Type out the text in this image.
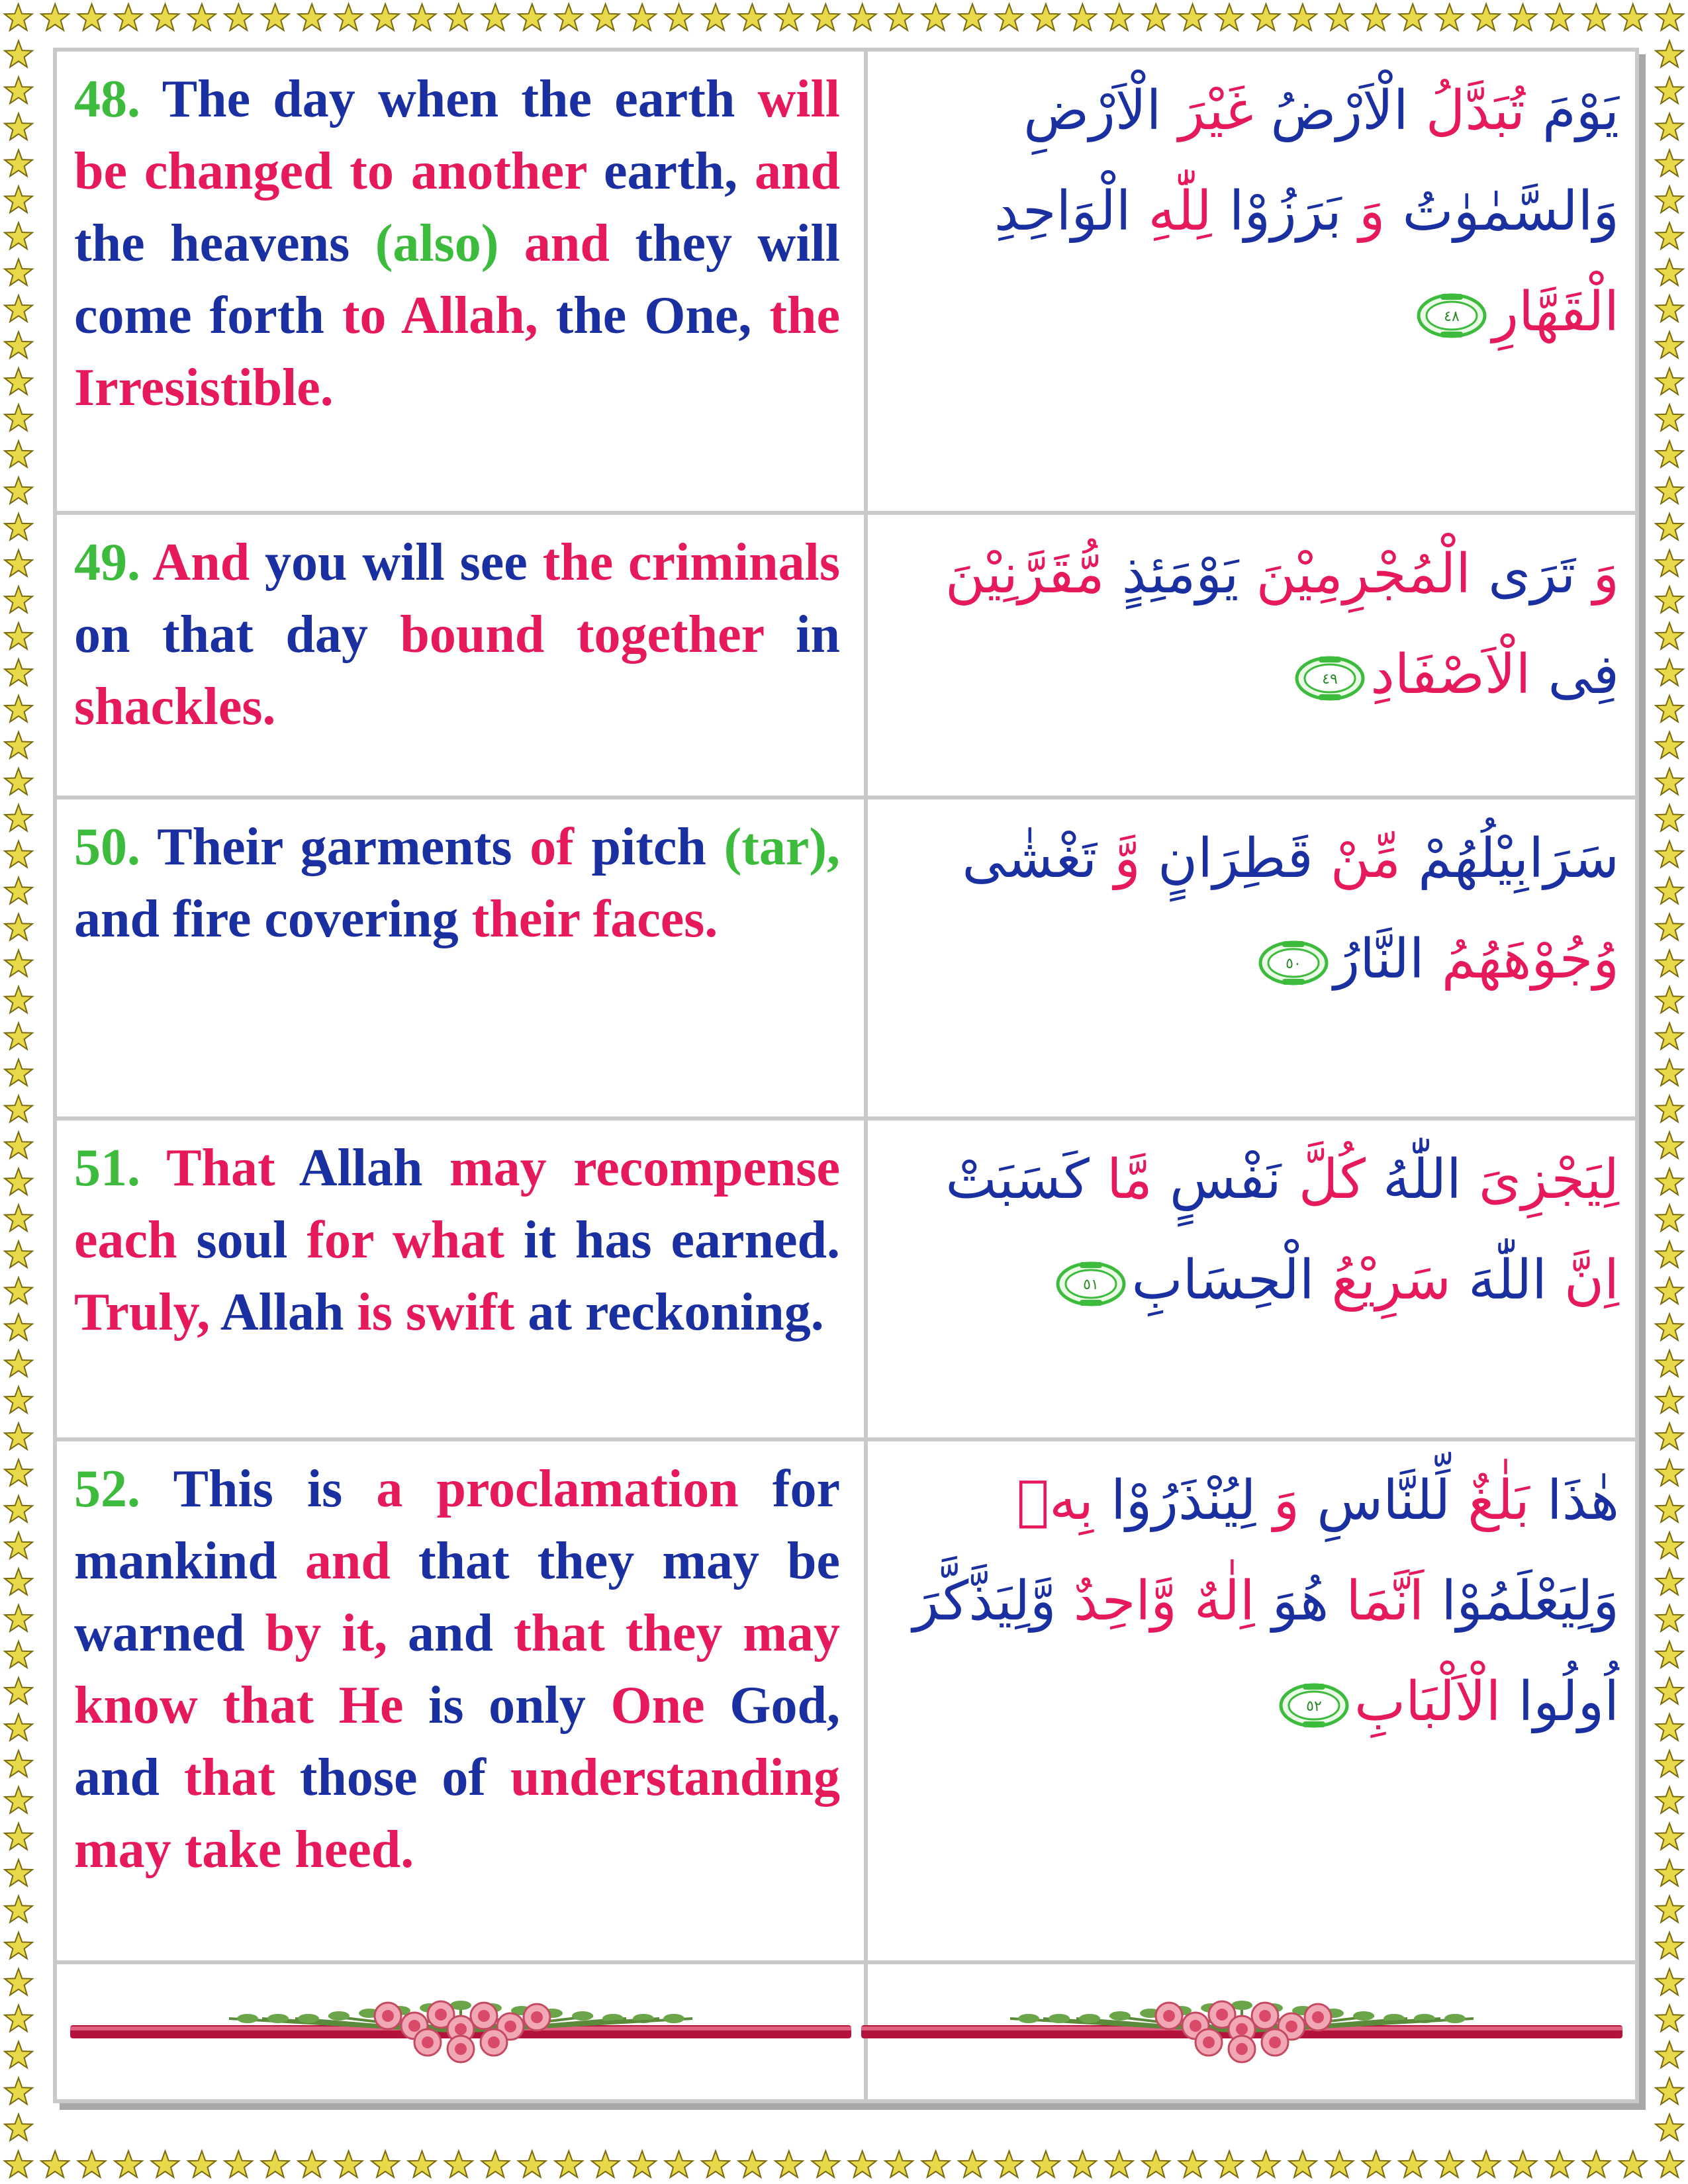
48. The day when the earth will be changed to another earth, and the heavens (also) and they will come forth to Allah, the One, the Irresistible.

يَوْمَ تُبَدَّلُ الْاَرْضُ غَيْرَ الْاَرْضِ وَالسَّمٰوٰتُ وَ بَرَزُوْا لِلّٰهِ الْوَاحِدِ الْقَهَّارِ
٤٨

49. And you will see the criminals on that day bound together in shackles.

وَ تَرَى الْمُجْرِمِيْنَ يَوْمَئِذٍ مُّقَرَّنِيْنَ فِى الْاَصْفَادِ
٤٩

50. Their garments of pitch (tar), and fire covering their faces.

سَرَابِيْلُهُمْ مِّنْ قَطِرَانٍ وَّ تَغْشٰى وُجُوْهَهُمُ النَّارُ
٥٠

51. That Allah may recompense each soul for what it has earned. Truly, Allah is swift at reckoning.

لِيَجْزِىَ اللّٰهُ كُلَّ نَفْسٍ مَّا كَسَبَتْ اِنَّ اللّٰهَ سَرِيْعُ الْحِسَابِ
٥١

52. This is a proclamation for mankind and that they may be warned by it, and that they may know that He is only One God, and that those of understanding may take heed.

هٰذَا بَلٰغٌ لِّلنَّاسِ وَ لِيُنْذَرُوْا بِهٖ وَلِيَعْلَمُوْا اَنَّمَا هُوَ اِلٰهٌ وَّاحِدٌ وَّلِيَذَّكَّرَ اُولُوا الْاَلْبَابِ
٥٢
